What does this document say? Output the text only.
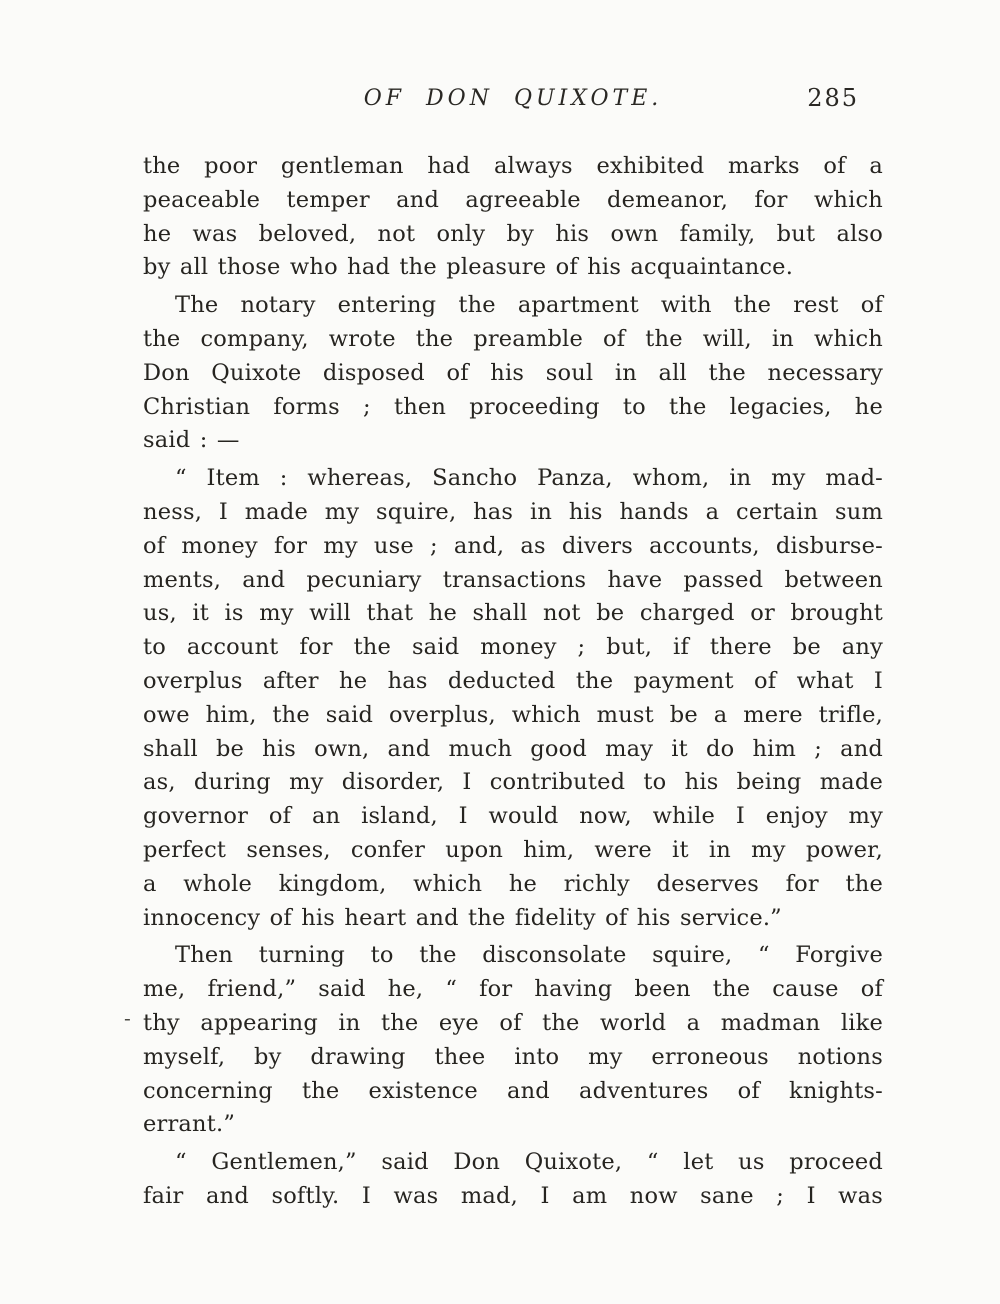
OF DON QUIXOTE.	285
the poor gentleman had always exhibited marks of a
peaceable temper and agreeable demeanor, for which
he was beloved, not only by his own family, but also
by all those who had the pleasure of his acquaintance.
The notary entering the apartment with the rest of
the company, wrote the preamble of the will, in which
Don Quixote disposed of his soul in all the necessary
Christian forms ; then proceeding to the legacies, he
said : —
“ Item : whereas, Sancho Panza, whom, in my mad-
ness, I made my squire, has in his hands a certain sum
of money for my use ; and, as divers accounts, disburse-
ments, and pecuniary transactions have passed between
us, it is my will that he shall not be charged or brought
to account for the said money ; but, if there be any
overplus after he has deducted the payment of what I
owe him, the said overplus, which must be a mere trifle,
shall be his own, and much good may it do him ; and
as, during my disorder, I contributed to his being made
governor of an island, I would now, while I enjoy my
perfect senses, confer upon him, were it in my power,
a whole kingdom, which he richly deserves for the
innocency of his heart and the fidelity of his service.”
Then turning to the disconsolate squire, “ Forgive
me, friend,” said he, “ for having been the cause of
thy appearing in the eye of the world a madman like
myself, by drawing thee into my erroneous notions
concerning the existence and adventures of knights-
errant.”
“ Gentlemen,” said Don Quixote, “ let us proceed
fair and softly. I was mad, I am now sane ; I was
-
